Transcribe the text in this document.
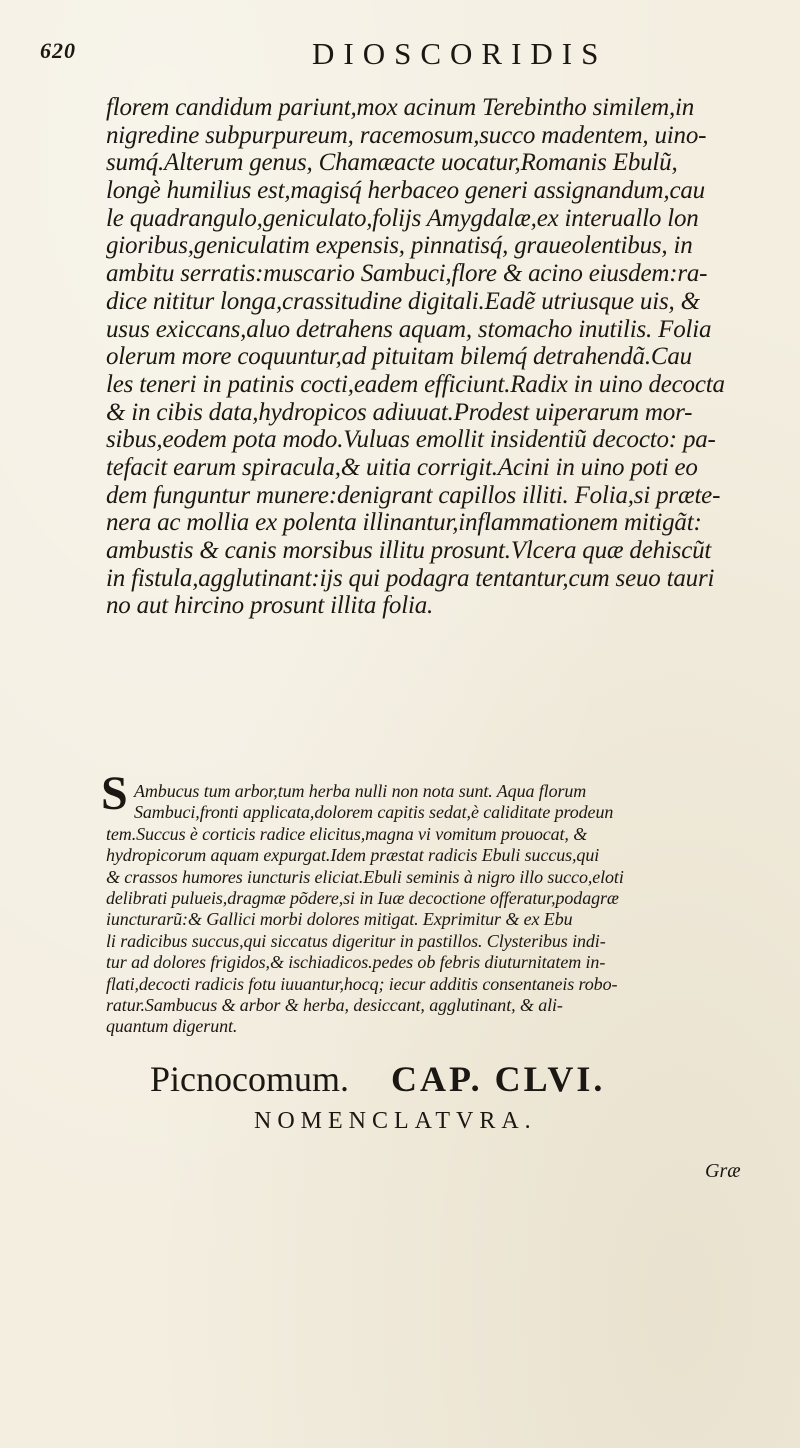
620	DIOSCORIDIS
florem candidum pariunt,mox acinum Terebintho similem,in
nigredine subpurpureum, racemosum,succo madentem, uino-
sumq́.Alterum genus, Chamæacte uocatur,Romanis Ebulũ,
longè humilius est,magisq́ herbaceo generi assignandum,cau
le quadrangulo,geniculato,folijs Amygdalæ,ex interuallo lon
gioribus,geniculatim expensis, pinnatisq́, graueolentibus, in
ambitu serratis:muscario Sambuci,flore & acino eiusdem:ra-
dice nititur longa,crassitudine digitali.Eadẽ utriusque uis, &
usus exiccans,aluo detrahens aquam, stomacho inutilis. Folia
olerum more coquuntur,ad pituitam bilemq́ detrahendã.Cau
les teneri in patinis cocti,eadem efficiunt.Radix in uino decocta
& in cibis data,hydropicos adiuuat.Prodest uiperarum mor-
sibus,eodem pota modo.Vuluas emollit insidentiũ decocto: pa-
tefacit earum spiracula,& uitia corrigit.Acini in uino poti eo
dem funguntur munere:denigrant capillos illiti. Folia,si præte-
nera ac mollia ex polenta illinantur,inflammationem mitigãt:
ambustis & canis morsibus illitu prosunt.Vlcera quæ dehiscũt
in fistula,agglutinant:ijs qui podagra tentantur,cum seuo tauri
no aut hircino prosunt illita folia.
S Ambucus tum arbor,tum herba nulli non nota sunt. Aqua florum
Sambuci,fronti applicata,dolorem capitis sedat,è caliditate prodeun
tem.Succus è corticis radice elicitus,magna vi vomitum prouocat, &
hydropicorum aquam expurgat.Idem præstat radicis Ebuli succus,qui
& crassos humores iuncturis eliciat.Ebuli seminis à nigro illo succo,eloti
delibrati pulueis,dragmæ põdere,si in Iuæ decoctione offeratur,podagræ
iuncturarũ:& Gallici morbi dolores mitigat. Exprimitur & ex Ebu
li radicibus succus,qui siccatus digeritur in pastillos. Clysteribus indi-
tur ad dolores frigidos,& ischiadicos.pedes ob febris diuturnitatem in-
flati,decocti radicis fotu iuuantur,hocq; iecur additis consentaneis robo-
ratur.Sambucus & arbor & herba, desiccant, agglutinant, & ali-
quantum digerunt.
Picnocomum. CAP. CLVI.
NOMENCLATVRA.
Græ
